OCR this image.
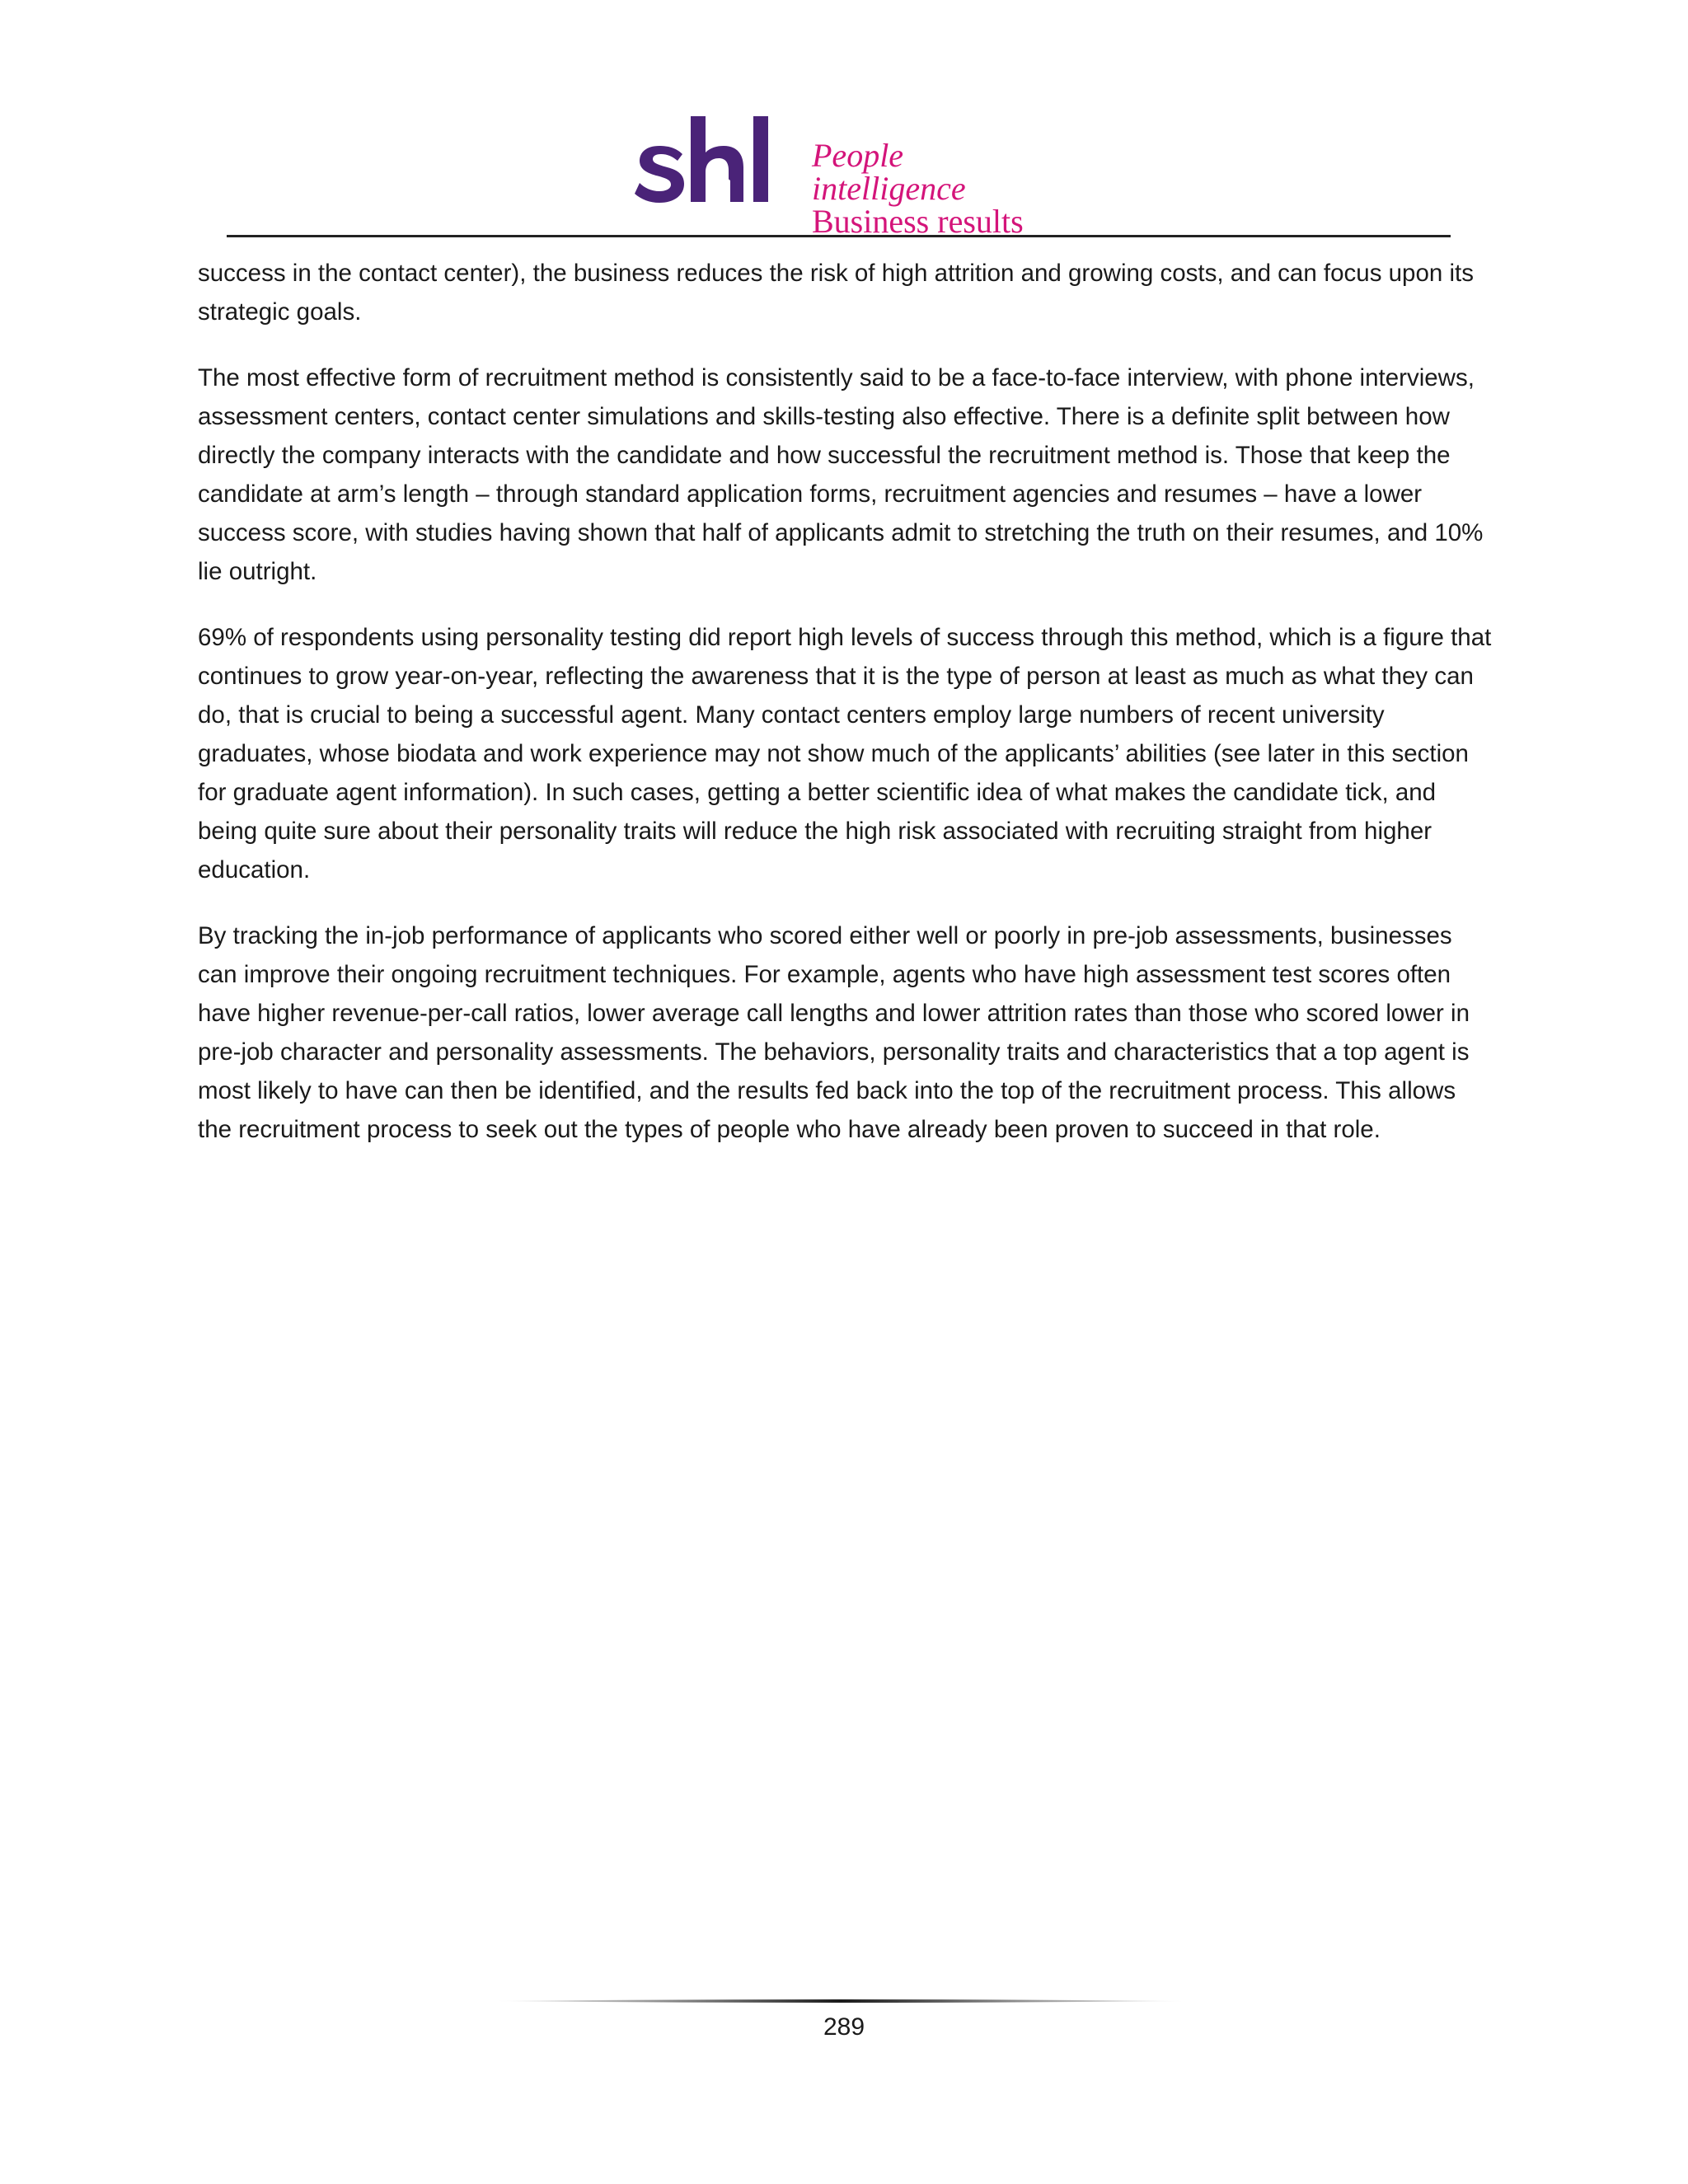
People intelligence
Business results

success in the contact center), the business reduces the risk of high attrition and growing costs, and can focus upon its strategic goals.

The most effective form of recruitment method is consistently said to be a face-to-face interview, with phone interviews, assessment centers, contact center simulations and skills-testing also effective. There is a definite split between how directly the company interacts with the candidate and how successful the recruitment method is. Those that keep the candidate at arm’s length – through standard application forms, recruitment agencies and resumes – have a lower success score, with studies having shown that half of applicants admit to stretching the truth on their resumes, and 10% lie outright.

69% of respondents using personality testing did report high levels of success through this method, which is a figure that continues to grow year-on-year, reflecting the awareness that it is the type of person at least as much as what they can do, that is crucial to being a successful agent. Many contact centers employ large numbers of recent university graduates, whose biodata and work experience may not show much of the applicants’ abilities (see later in this section for graduate agent information). In such cases, getting a better scientific idea of what makes the candidate tick, and being quite sure about their personality traits will reduce the high risk associated with recruiting straight from higher education.

By tracking the in-job performance of applicants who scored either well or poorly in pre-job assessments, businesses can improve their ongoing recruitment techniques. For example, agents who have high assessment test scores often have higher revenue-per-call ratios, lower average call lengths and lower attrition rates than those who scored lower in pre-job character and personality assessments. The behaviors, personality traits and characteristics that a top agent is most likely to have can then be identified, and the results fed back into the top of the recruitment process. This allows the recruitment process to seek out the types of people who have already been proven to succeed in that role.

289
